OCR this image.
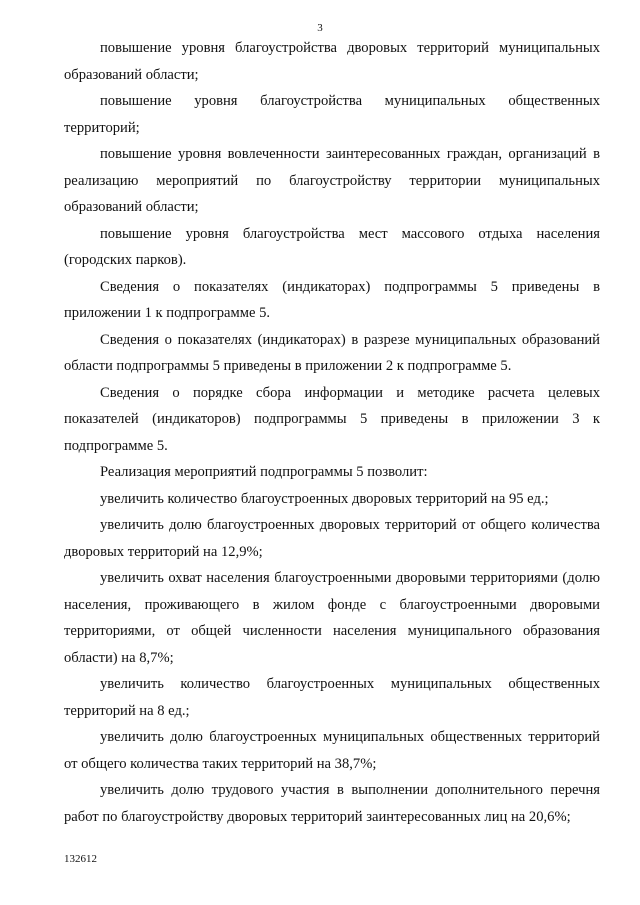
3

повышение уровня благоустройства дворовых территорий муниципальных образований области;

повышение уровня благоустройства муниципальных общественных территорий;

повышение уровня вовлеченности заинтересованных граждан, организаций в реализацию мероприятий по благоустройству территории муниципальных образований области;

повышение уровня благоустройства мест массового отдыха населения (городских парков).

Сведения о показателях (индикаторах) подпрограммы 5 приведены в приложении 1 к подпрограмме 5.

Сведения о показателях (индикаторах) в разрезе муниципальных образований области подпрограммы 5 приведены в приложении 2 к подпрограмме 5.

Сведения о порядке сбора информации и методике расчета целевых показателей (индикаторов) подпрограммы 5 приведены в приложении 3 к подпрограмме 5.

Реализация мероприятий подпрограммы 5 позволит:

увеличить количество благоустроенных дворовых территорий на 95 ед.;

увеличить долю благоустроенных дворовых территорий от общего количества дворовых территорий на 12,9%;

увеличить охват населения благоустроенными дворовыми территориями (долю населения, проживающего в жилом фонде с благоустроенными дворовыми территориями, от общей численности населения муниципального образования области) на 8,7%;

увеличить количество благоустроенных муниципальных общественных территорий на 8 ед.;

увеличить долю благоустроенных муниципальных общественных территорий от общего количества таких территорий на 38,7%;

увеличить долю трудового участия в выполнении дополнительного перечня работ по благоустройству дворовых территорий заинтересованных лиц на 20,6%;

132612
